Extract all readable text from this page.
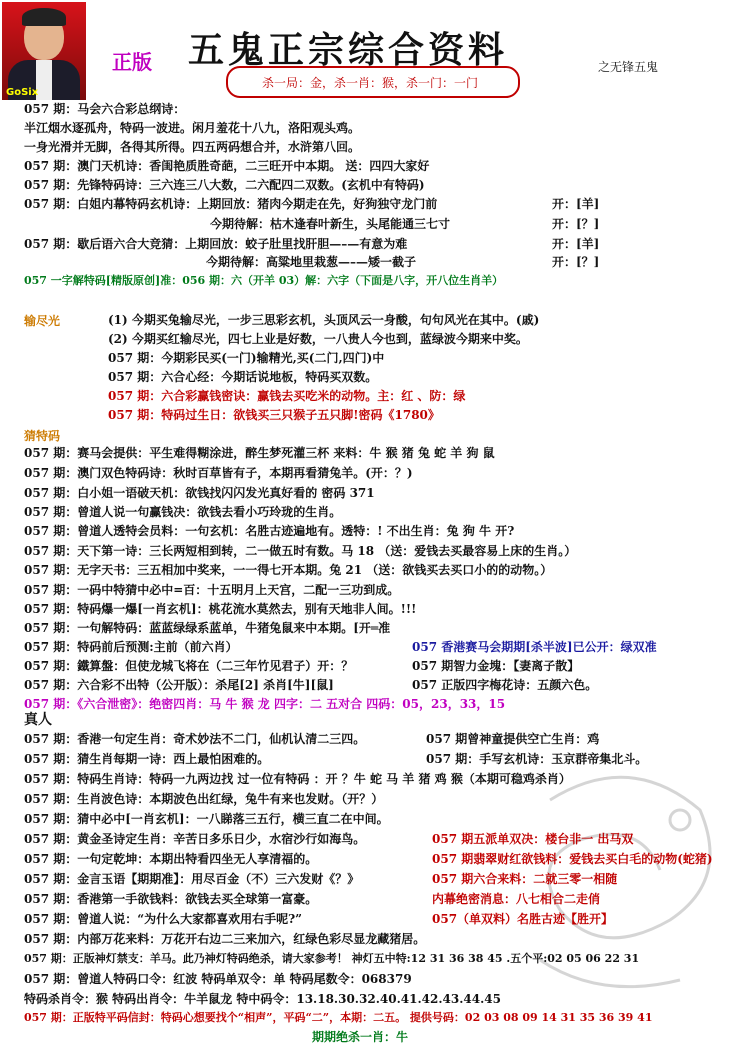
GoSix
正版 五鬼正宗综合资料	之无锋五鬼
杀一局：金，杀一肖：猴，杀一门：一门
057 期：马会六合彩总纲诗：
半江烟水逐孤舟，特码一波进。闲月羞花十八九，洛阳观头鸡。
一身光滑并无脚，各得其所得。四五两码想合并，水浒第八回。
057 期：澳门天机诗：香闺艳质胜奇葩，二三旺开中本期。 送：四四大家好
057 期：先锋特码诗：三六连三八大数，二六配四二双数。(玄机中有特码)
057 期：白姐内幕特码玄机诗：上期回放：猪肉今期走在先，好狗独守龙门前	开：[羊]
今期待解：枯木逢春叶新生，头尾能通三七寸	开：[？]
057 期：歇后语六合大竞猜：上期回放：蛟子肚里找肝胆—–—有意为难	开：[羊]
今期待解：高粱地里栽葱—–—矮一截子	开：[？]
057 一字解特码[精版原创]准：056 期：六（开羊 03）解：六字（下面是八字，开八位生肖羊）
输尽光	(1) 今期买兔输尽光，一步三思彩玄机，头顶风云一身酸，句句风光在其中。(戚)
(2) 今期买红输尽光，四七上业是好数，一八贵人今也到，蓝绿波今期来中奖。
057 期：今期彩民买(一门)输精光,买(二门,四门)中
057 期：六合心经：今期话说地板，特码买双数。
057 期：六合彩赢钱密诀：赢钱去买吃米的动物。主：红 、防：绿
057 期：特码过生日：欲钱买三只猴子五只脚!密码《1780》
猜特码
057 期：赛马会提供：平生难得糊涂进，醉生梦死灌三杯 来料：牛 猴 猪 兔 蛇 羊 狗 鼠
057 期：澳门双色特码诗：秋时百草皆有子，本期再看猜兔羊。(开：？)
057 期：白小姐一语破天机：欲钱找闪闪发光真好看的 密码 371
057 期：曾道人说一句赢钱决：欲钱去看小巧玲珑的生肖。
057 期：曾道人透特会员料：一句玄机：名胜古迹遍地有。透特：! 不出生肖：兔 狗 牛 开?
057 期：天下第一诗：三长两短相到转，二一做五时有数。马 18 （送：爱钱去买最容易上床的生肖。）
057 期：无字天书：三五相加中奖来，一一得七开本期。兔 21 （送：欲钱买去买口小的的动物。）
057 期：一码中特猜中必中=百：十五明月上天宫，二配一三功到成。
057 期：特码爆一爆[一肖玄机]：桃花流水莫然去，别有天地非人间。!!!
057 期：一句解特码：蓝蓝绿绿系蓝单，牛猪兔鼠来中本期。[开═准
057 期：特码前后预测:主前（前六肖）	057 香港赛马会期期[杀半波]已公开：绿双准
057 期：鐵算盤：但使龙城飞将在（二三年竹见君子）开：？	057 期智力金塊：【妻离子散】
057 期：六合彩不出特（公开版）：杀尾[2] 杀肖[牛][鼠]	057 正版四字梅花诗：五颜六色。
057 期：《六合泄密》：绝密四肖：马 牛 猴 龙 四字：二 五对合 四码：05，23，33，15
真人
057 期：香港一句定生肖：奇术妙法不二门，仙机认清二三四。	057 期曾神童提供空亡生肖：鸡
057 期：猜生肖每期一诗：西上最怕困难的。	057 期：手写玄机诗：玉京群帝集北斗。
057 期：特码生肖诗：特码一九两边找 过一位有特码 ：开 ？牛 蛇 马 羊 猪 鸡 猴（本期可稳鸡杀肖）
057 期：生肖波色诗：本期波色出红绿，兔牛有来也发财。（开？）
057 期：猜中必中[一肖玄机]：一八睇落三五行，横三直二在中间。
057 期：黄金圣诗定生肖：辛苦日多乐日少，水宿沙行如海鸟。	057 期五派单双决：楼台非一 出马双
057 期：一句定乾坤：本期出特看四坐无人享清福的。	057 期翡翠财红欲钱料：爱钱去买白毛的动物(蛇猪)
057 期：金言玉语【期期准】：用尽百金（不）三六发财《？》	057 期六合来料：二就三零一相随
057 期：香港第一手欲钱料：欲钱去买全球第一富豪。	内幕绝密消息：八七相合二走俏
057 期：曾道人说：“为什么大家都喜欢用右手呢?”	057（单双料）名胜古迹【胜开】
057 期：内部万花来料：万花开右边二三来加六，红绿色彩尽显龙藏猪居。
057 期：正版神灯禁支：羊马。此乃神灯特码绝杀，请大家参考！ 神灯五中特:12 31 36 38 45 .五个平:02 05 06 22 31
057 期：曾道人特码口令：红波 特码单双令：单 特码尾数令：068379
特码杀肖令：猴 特码出肖令：牛羊鼠龙 特中码令：13.18.30.32.40.41.42.43.44.45
057 期：正版特平码信封：特码心想要找个“相声”，平码“二”，本期：二五。 提供号码：02 03 08 09 14 31 35 36 39 41
期期绝杀一肖：牛
